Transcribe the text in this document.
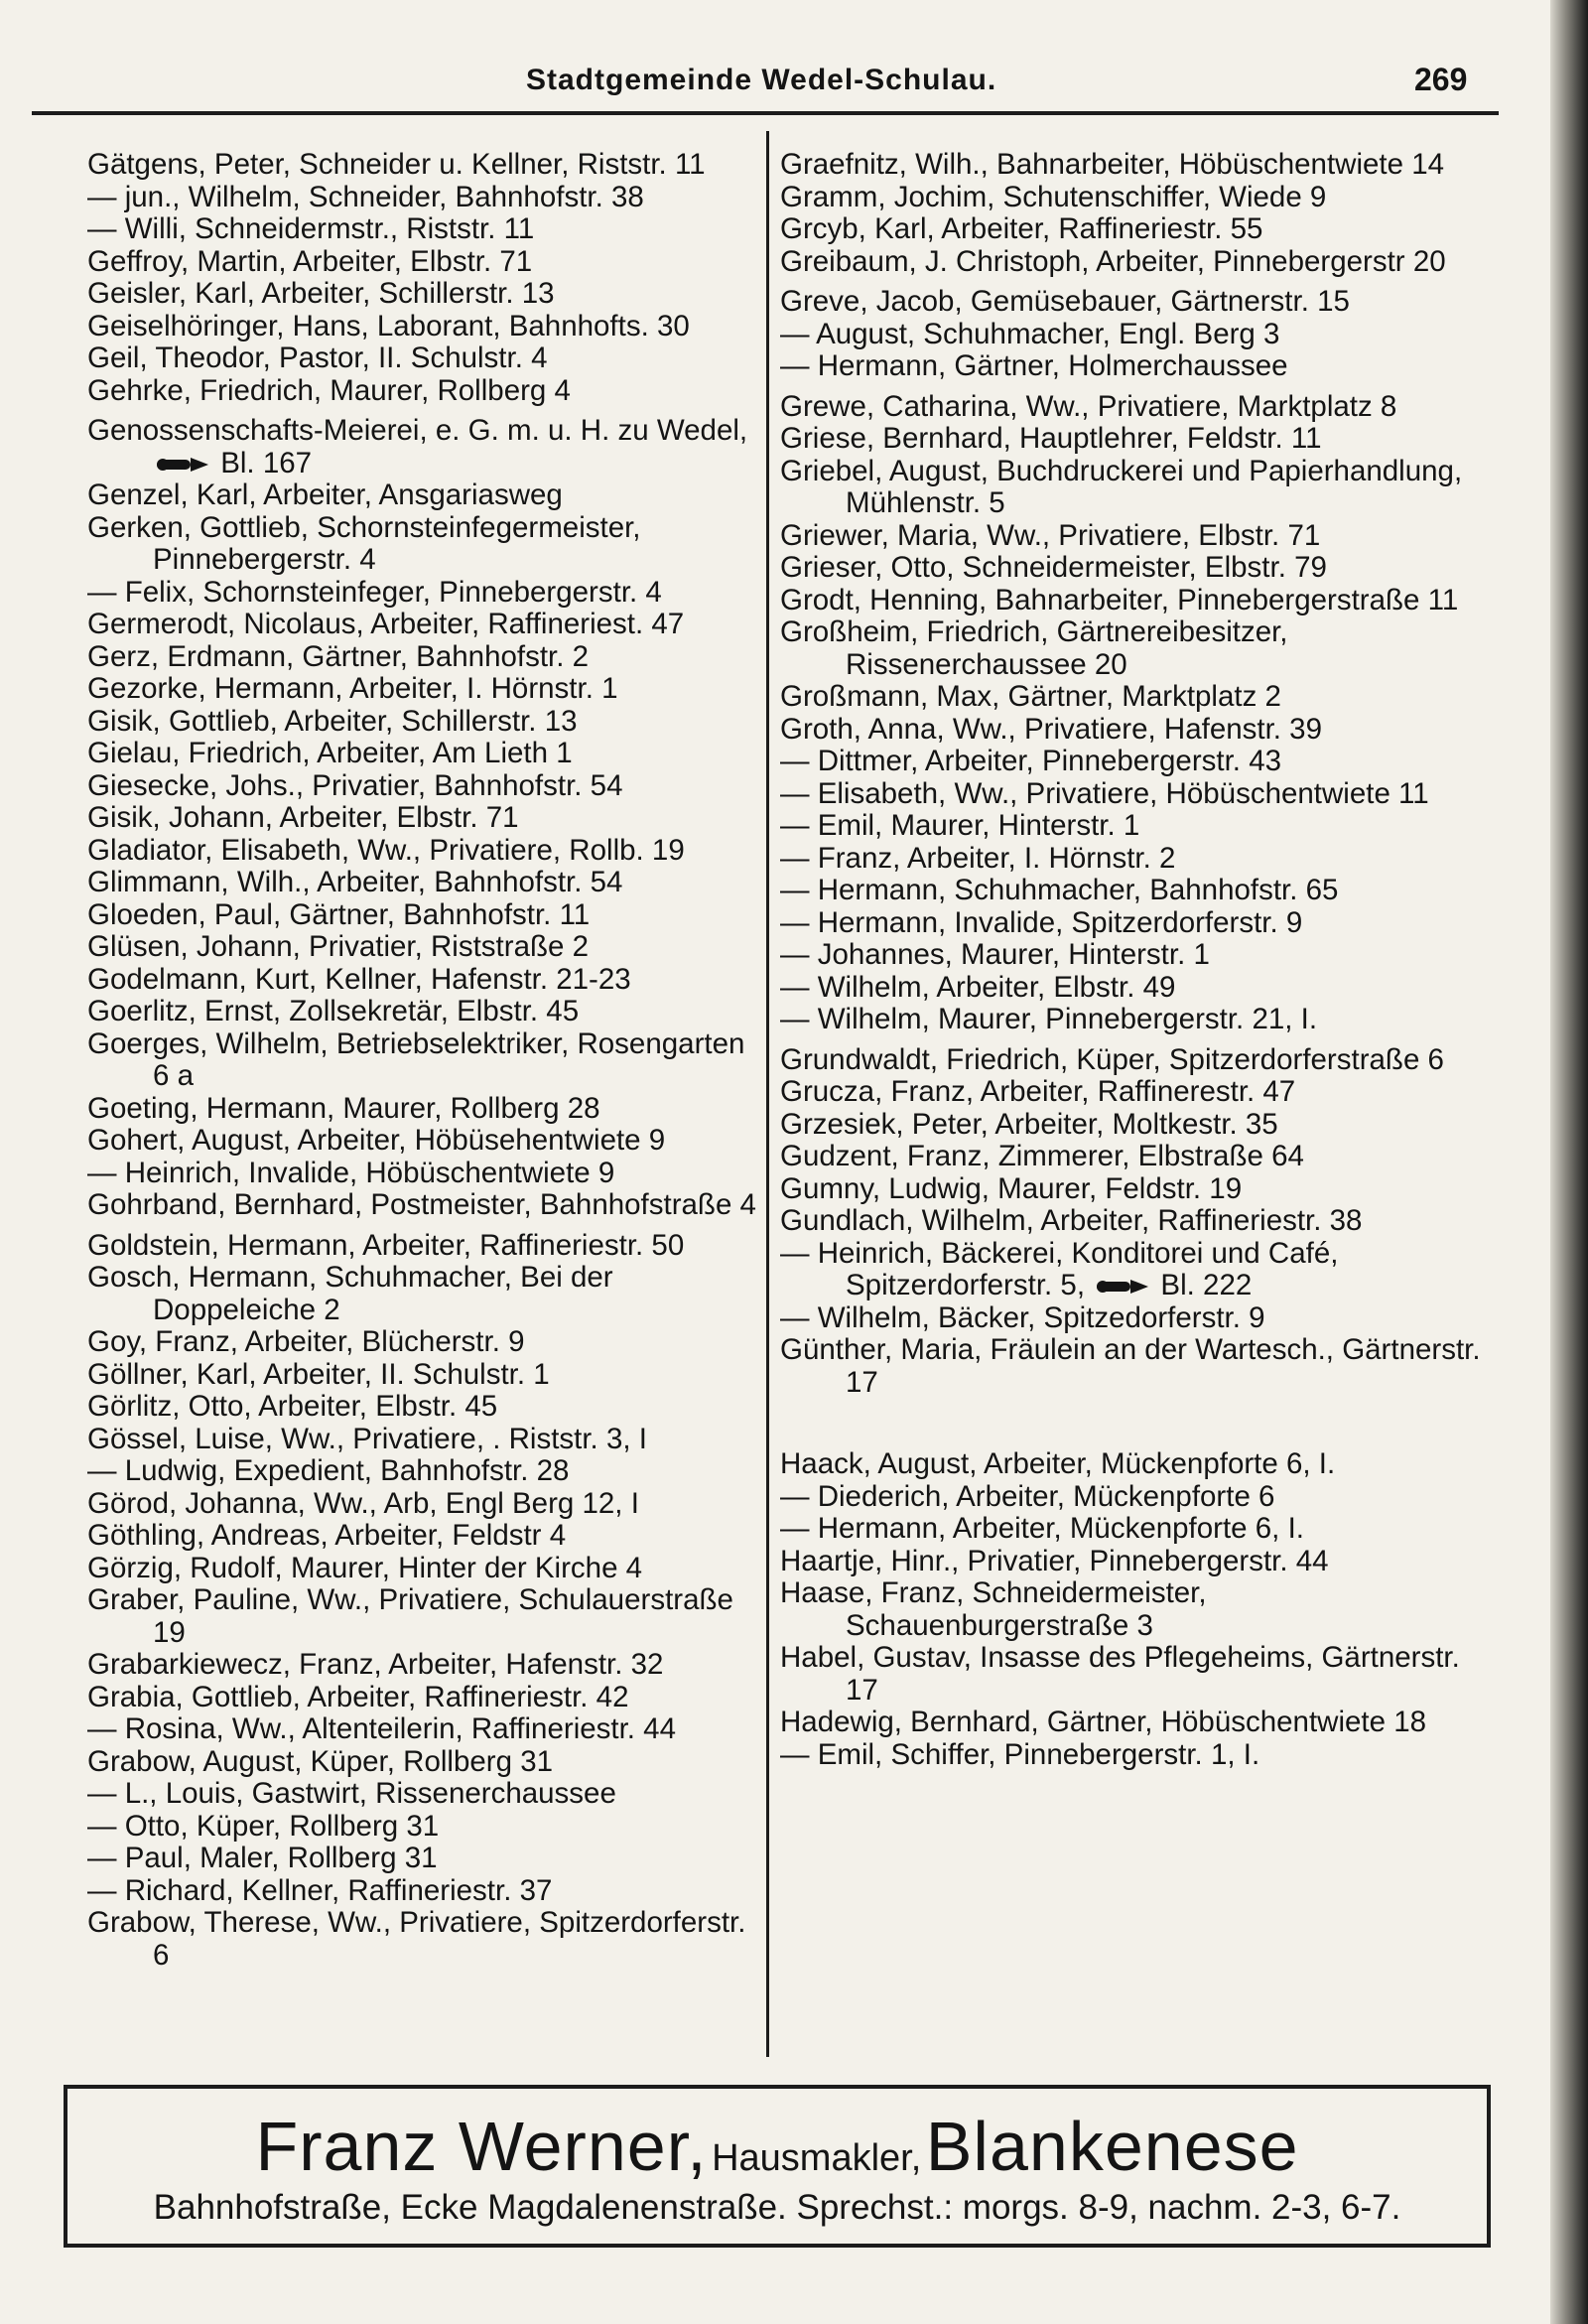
Stadtgemeinde Wedel-Schulau.	269
Gätgens, Peter, Schneider u. Kellner, Riststr. 11
— jun., Wilhelm, Schneider, Bahnhofstr. 38
— Willi, Schneidermstr., Riststr. 11
Geffroy, Martin, Arbeiter, Elbstr. 71
Geisler, Karl, Arbeiter, Schillerstr. 13
Geiselhöringer, Hans, Laborant, Bahnhofts. 30
Geil, Theodor, Pastor, II. Schulstr. 4
Gehrke, Friedrich, Maurer, Rollberg 4
Genossenschafts-Meierei, e. G. m. u. H. zu Wedel,  Bl. 167
Genzel, Karl, Arbeiter, Ansgariasweg
Gerken, Gottlieb, Schornsteinfegermeister, Pinnebergerstr. 4
— Felix, Schornsteinfeger, Pinnebergerstr. 4
Germerodt, Nicolaus, Arbeiter, Raffineriest. 47
Gerz, Erdmann, Gärtner, Bahnhofstr. 2
Gezorke, Hermann, Arbeiter, I. Hörnstr. 1
Gisik, Gottlieb, Arbeiter, Schillerstr. 13
Gielau, Friedrich, Arbeiter, Am Lieth 1
Giesecke, Johs., Privatier, Bahnhofstr. 54
Gisik, Johann, Arbeiter, Elbstr. 71
Gladiator, Elisabeth, Ww., Privatiere, Rollb. 19
Glimmann, Wilh., Arbeiter, Bahnhofstr. 54
Gloeden, Paul, Gärtner, Bahnhofstr. 11
Glüsen, Johann, Privatier, Riststraße 2
Godelmann, Kurt, Kellner, Hafenstr. 21-23
Goerlitz, Ernst, Zollsekretär, Elbstr. 45
Goerges, Wilhelm, Betriebselektriker, Rosengarten 6 a
Goeting, Hermann, Maurer, Rollberg 28
Gohert, August, Arbeiter, Höbüsehentwiete 9
— Heinrich, Invalide, Höbüschentwiete 9
Gohrband, Bernhard, Postmeister, Bahnhofstraße 4
Goldstein, Hermann, Arbeiter, Raffineriestr. 50
Gosch, Hermann, Schuhmacher, Bei der Doppeleiche 2
Goy, Franz, Arbeiter, Blücherstr. 9
Göllner, Karl, Arbeiter, II. Schulstr. 1
Görlitz, Otto, Arbeiter, Elbstr. 45
Gössel, Luise, Ww., Privatiere, . Riststr. 3, I
— Ludwig, Expedient, Bahnhofstr. 28
Görod, Johanna, Ww., Arb, Engl Berg 12, I
Göthling, Andreas, Arbeiter, Feldstr 4
Görzig, Rudolf, Maurer, Hinter der Kirche 4
Graber, Pauline, Ww., Privatiere, Schulauerstraße 19
Grabarkiewecz, Franz, Arbeiter, Hafenstr. 32
Grabia, Gottlieb, Arbeiter, Raffineriestr. 42
— Rosina, Ww., Altenteilerin, Raffineriestr. 44
Grabow, August, Küper, Rollberg 31
— L., Louis, Gastwirt, Rissenerchaussee
— Otto, Küper, Rollberg 31
— Paul, Maler, Rollberg 31
— Richard, Kellner, Raffineriestr. 37
Grabow, Therese, Ww., Privatiere, Spitzerdorferstr. 6
Graefnitz, Wilh., Bahnarbeiter, Höbüschentwiete 14
Gramm, Jochim, Schutenschiffer, Wiede 9
Grcyb, Karl, Arbeiter, Raffineriestr. 55
Greibaum, J. Christoph, Arbeiter, Pinnebergerstr 20
Greve, Jacob, Gemüsebauer, Gärtnerstr. 15
— August, Schuhmacher, Engl. Berg 3
— Hermann, Gärtner, Holmerchaussee
Grewe, Catharina, Ww., Privatiere, Marktplatz 8
Griese, Bernhard, Hauptlehrer, Feldstr. 11
Griebel, August, Buchdruckerei und Papierhandlung, Mühlenstr. 5
Griewer, Maria, Ww., Privatiere, Elbstr. 71
Grieser, Otto, Schneidermeister, Elbstr. 79
Grodt, Henning, Bahnarbeiter, Pinnebergerstraße 11
Großheim, Friedrich, Gärtnereibesitzer, Rissenerchaussee 20
Großmann, Max, Gärtner, Marktplatz 2
Groth, Anna, Ww., Privatiere, Hafenstr. 39
— Dittmer, Arbeiter, Pinnebergerstr. 43
— Elisabeth, Ww., Privatiere, Höbüschentwiete 11
— Emil, Maurer, Hinterstr. 1
— Franz, Arbeiter, I. Hörnstr. 2
— Hermann, Schuhmacher, Bahnhofstr. 65
— Hermann, Invalide, Spitzerdorferstr. 9
— Johannes, Maurer, Hinterstr. 1
— Wilhelm, Arbeiter, Elbstr. 49
— Wilhelm, Maurer, Pinnebergerstr. 21, I.
Grundwaldt, Friedrich, Küper, Spitzerdorferstraße 6
Grucza, Franz, Arbeiter, Raffinerestr. 47
Grzesiek, Peter, Arbeiter, Moltkestr. 35
Gudzent, Franz, Zimmerer, Elbstraße 64
Gumny, Ludwig, Maurer, Feldstr. 19
Gundlach, Wilhelm, Arbeiter, Raffineriestr. 38
— Heinrich, Bäckerei, Konditorei und Café, Spitzerdorferstr. 5,	Bl. 222
— Wilhelm, Bäcker, Spitzedorferstr. 9
Günther, Maria, Fräulein an der Wartesch., Gärtnerstr. 17
Haack, August, Arbeiter, Mückenpforte 6, I.
— Diederich, Arbeiter, Mückenpforte 6
— Hermann, Arbeiter, Mückenpforte 6, I.
Haartje, Hinr., Privatier, Pinnebergerstr. 44
Haase, Franz, Schneidermeister, Schauenburgerstraße 3
Habel, Gustav, Insasse des Pflegeheims, Gärtnerstr. 17
Hadewig, Bernhard, Gärtner, Höbüschentwiete 18
— Emil, Schiffer, Pinnebergerstr. 1, I.
Franz Werner, Hausmakler, Blankenese
Bahnhofstraße, Ecke Magdalenenstraße. Sprechst.: morgs. 8-9, nachm. 2-3, 6-7.
